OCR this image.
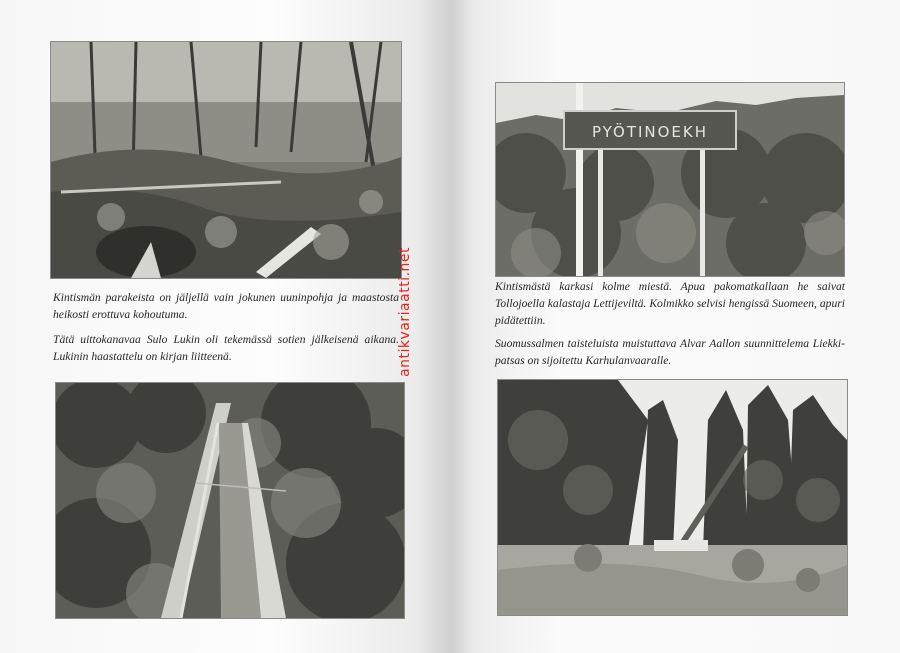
Kintismän parakeista on jäljellä vain jokunen uuninpohja ja maastosta heikosti erottuva kohoutuma.

Tätä uittokanavaa Sulo Lukin oli tekemässä sotien jälkeisenä aikana. Lukinin haastattelu on kirjan liitteenä.

PYÖTINOEKH

Kintismästä karkasi kolme miestä. Apua pakomatkallaan he saivat Tollojoella kalastaja Lettijeviltä. Kolmikko selvisi hengissä Suomeen, apuri pidätettiin.

Suomussalmen taisteluista muistuttava Alvar Aallon suunnittelema Liekki-patsas on sijoitettu Karhulanvaaralle.

antikvariaatti.net
